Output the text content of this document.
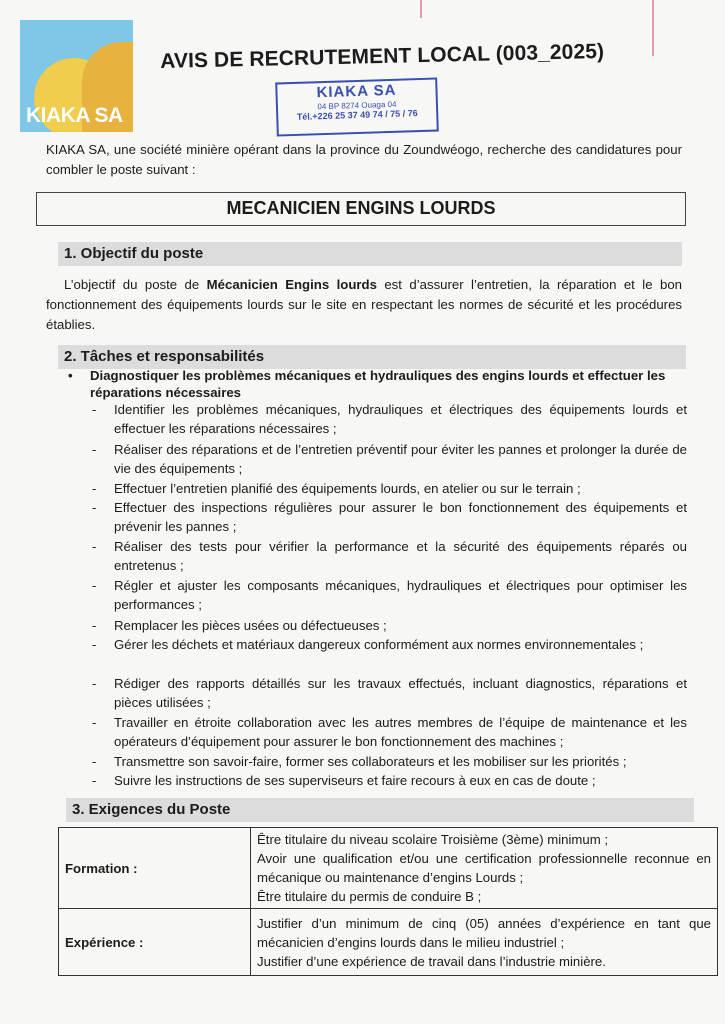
KIAKA SA
AVIS DE RECRUTEMENT LOCAL (003_2025)
KIAKA SA
04 BP 8274 Ouaga 04
Tél.+226 25 37 49 74 / 75 / 76
KIAKA SA, une société minière opérant dans la province du Zoundwéogo, recherche des candidatures pour combler le poste suivant :
MECANICIEN ENGINS LOURDS
1. Objectif du poste
L’objectif du poste de Mécanicien Engins lourds est d’assurer l’entretien, la réparation et le bon fonctionnement des équipements lourds sur le site en respectant les normes de sécurité et les procédures établies.
2. Tâches et responsabilités
• Diagnostiquer les problèmes mécaniques et hydrauliques des engins lourds et effectuer les réparations nécessaires
- Identifier les problèmes mécaniques, hydrauliques et électriques des équipements lourds et effectuer les réparations nécessaires ;
- Réaliser des réparations et de l’entretien préventif pour éviter les pannes et prolonger la durée de vie des équipements ;
- Effectuer l’entretien planifié des équipements lourds, en atelier ou sur le terrain ;
- Effectuer des inspections régulières pour assurer le bon fonctionnement des équipements et prévenir les pannes ;
- Réaliser des tests pour vérifier la performance et la sécurité des équipements réparés ou entretenus ;
- Régler et ajuster les composants mécaniques, hydrauliques et électriques pour optimiser les performances ;
- Remplacer les pièces usées ou défectueuses ;
- Gérer les déchets et matériaux dangereux conformément aux normes environnementales ;
- Rédiger des rapports détaillés sur les travaux effectués, incluant diagnostics, réparations et pièces utilisées ;
- Travailler en étroite collaboration avec les autres membres de l’équipe de maintenance et les opérateurs d’équipement pour assurer le bon fonctionnement des machines ;
- Transmettre son savoir-faire, former ses collaborateurs et les mobiliser sur les priorités ;
- Suivre les instructions de ses superviseurs et faire recours à eux en cas de doute ;
3. Exigences du Poste
Formation :	Être titulaire du niveau scolaire Troisième (3ème) minimum ;
Avoir une qualification et/ou une certification professionnelle reconnue en mécanique ou maintenance d’engins Lourds ;
Être titulaire du permis de conduire B ;

Expérience :	Justifier d’un minimum de cinq (05) années d’expérience en tant que mécanicien d’engins lourds dans le milieu industriel ;
Justifier d’une expérience de travail dans l’industrie minière.
